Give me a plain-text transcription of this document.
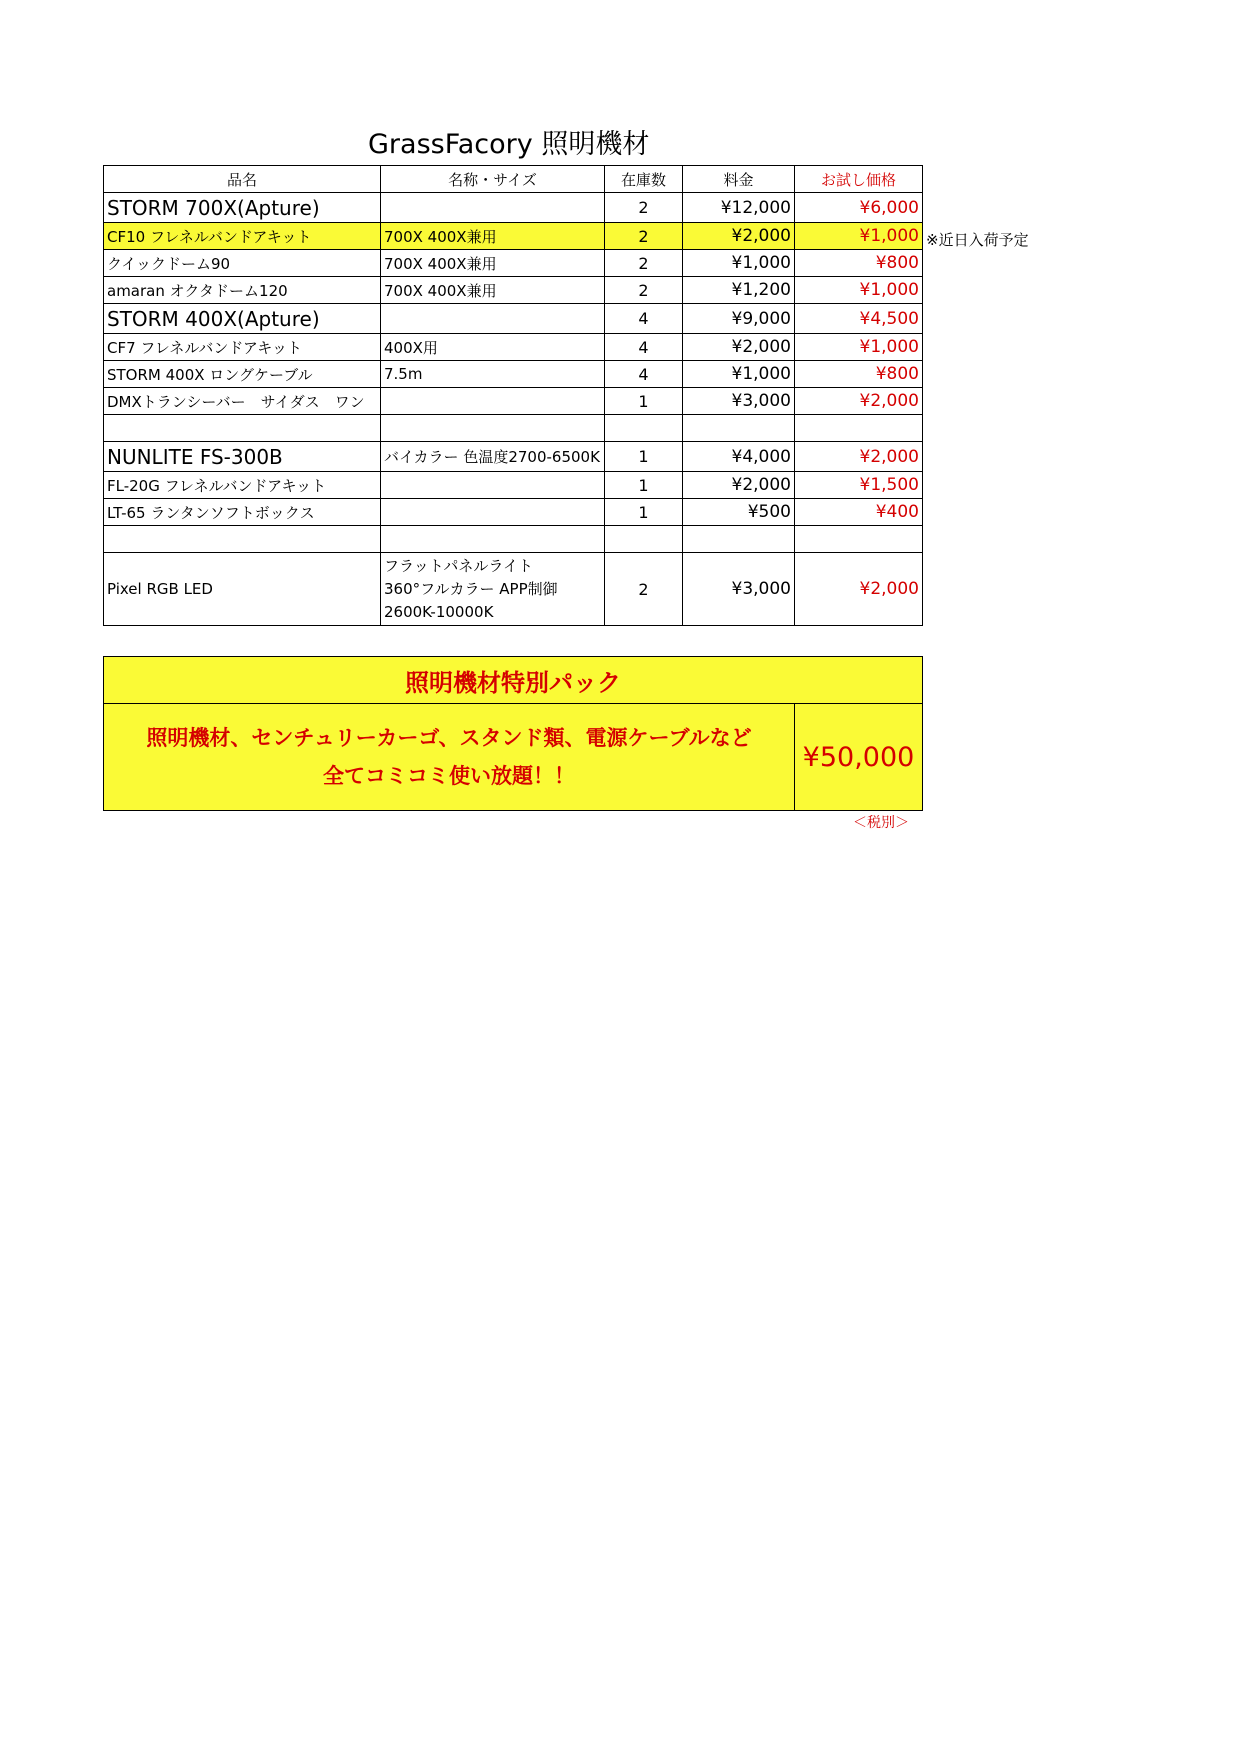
GrassFacory 照明機材
品名	名称・サイズ	在庫数	料金	お試し価格
STORM 700X(Apture)		2	¥12,000	¥6,000
CF10 フレネルバンドアキット	700X 400X兼用	2	¥2,000	¥1,000
クイックドーム90	700X 400X兼用	2	¥1,000	¥800
amaran オクタドーム120	700X 400X兼用	2	¥1,200	¥1,000
STORM 400X(Apture)		4	¥9,000	¥4,500
CF7 フレネルバンドアキット	400X用	4	¥2,000	¥1,000
STORM 400X ロングケーブル	7.5m	4	¥1,000	¥800
DMXトランシーバー　サイダス　ワン		1	¥3,000	¥2,000

NUNLITE FS-300B	バイカラー 色温度2700-6500K	1	¥4,000	¥2,000
FL-20G フレネルバンドアキット		1	¥2,000	¥1,500
LT-65 ランタンソフトボックス		1	¥500	¥400

Pixel RGB LED	フラットパネルライト
360°フルカラー APP制御
2600K-10000K	2	¥3,000	¥2,000
※近日入荷予定
照明機材特別パック

照明機材、センチュリーカーゴ、スタンド類、電源ケーブルなど
全てコミコミ使い放題！！
	¥50,000
＜税別＞
